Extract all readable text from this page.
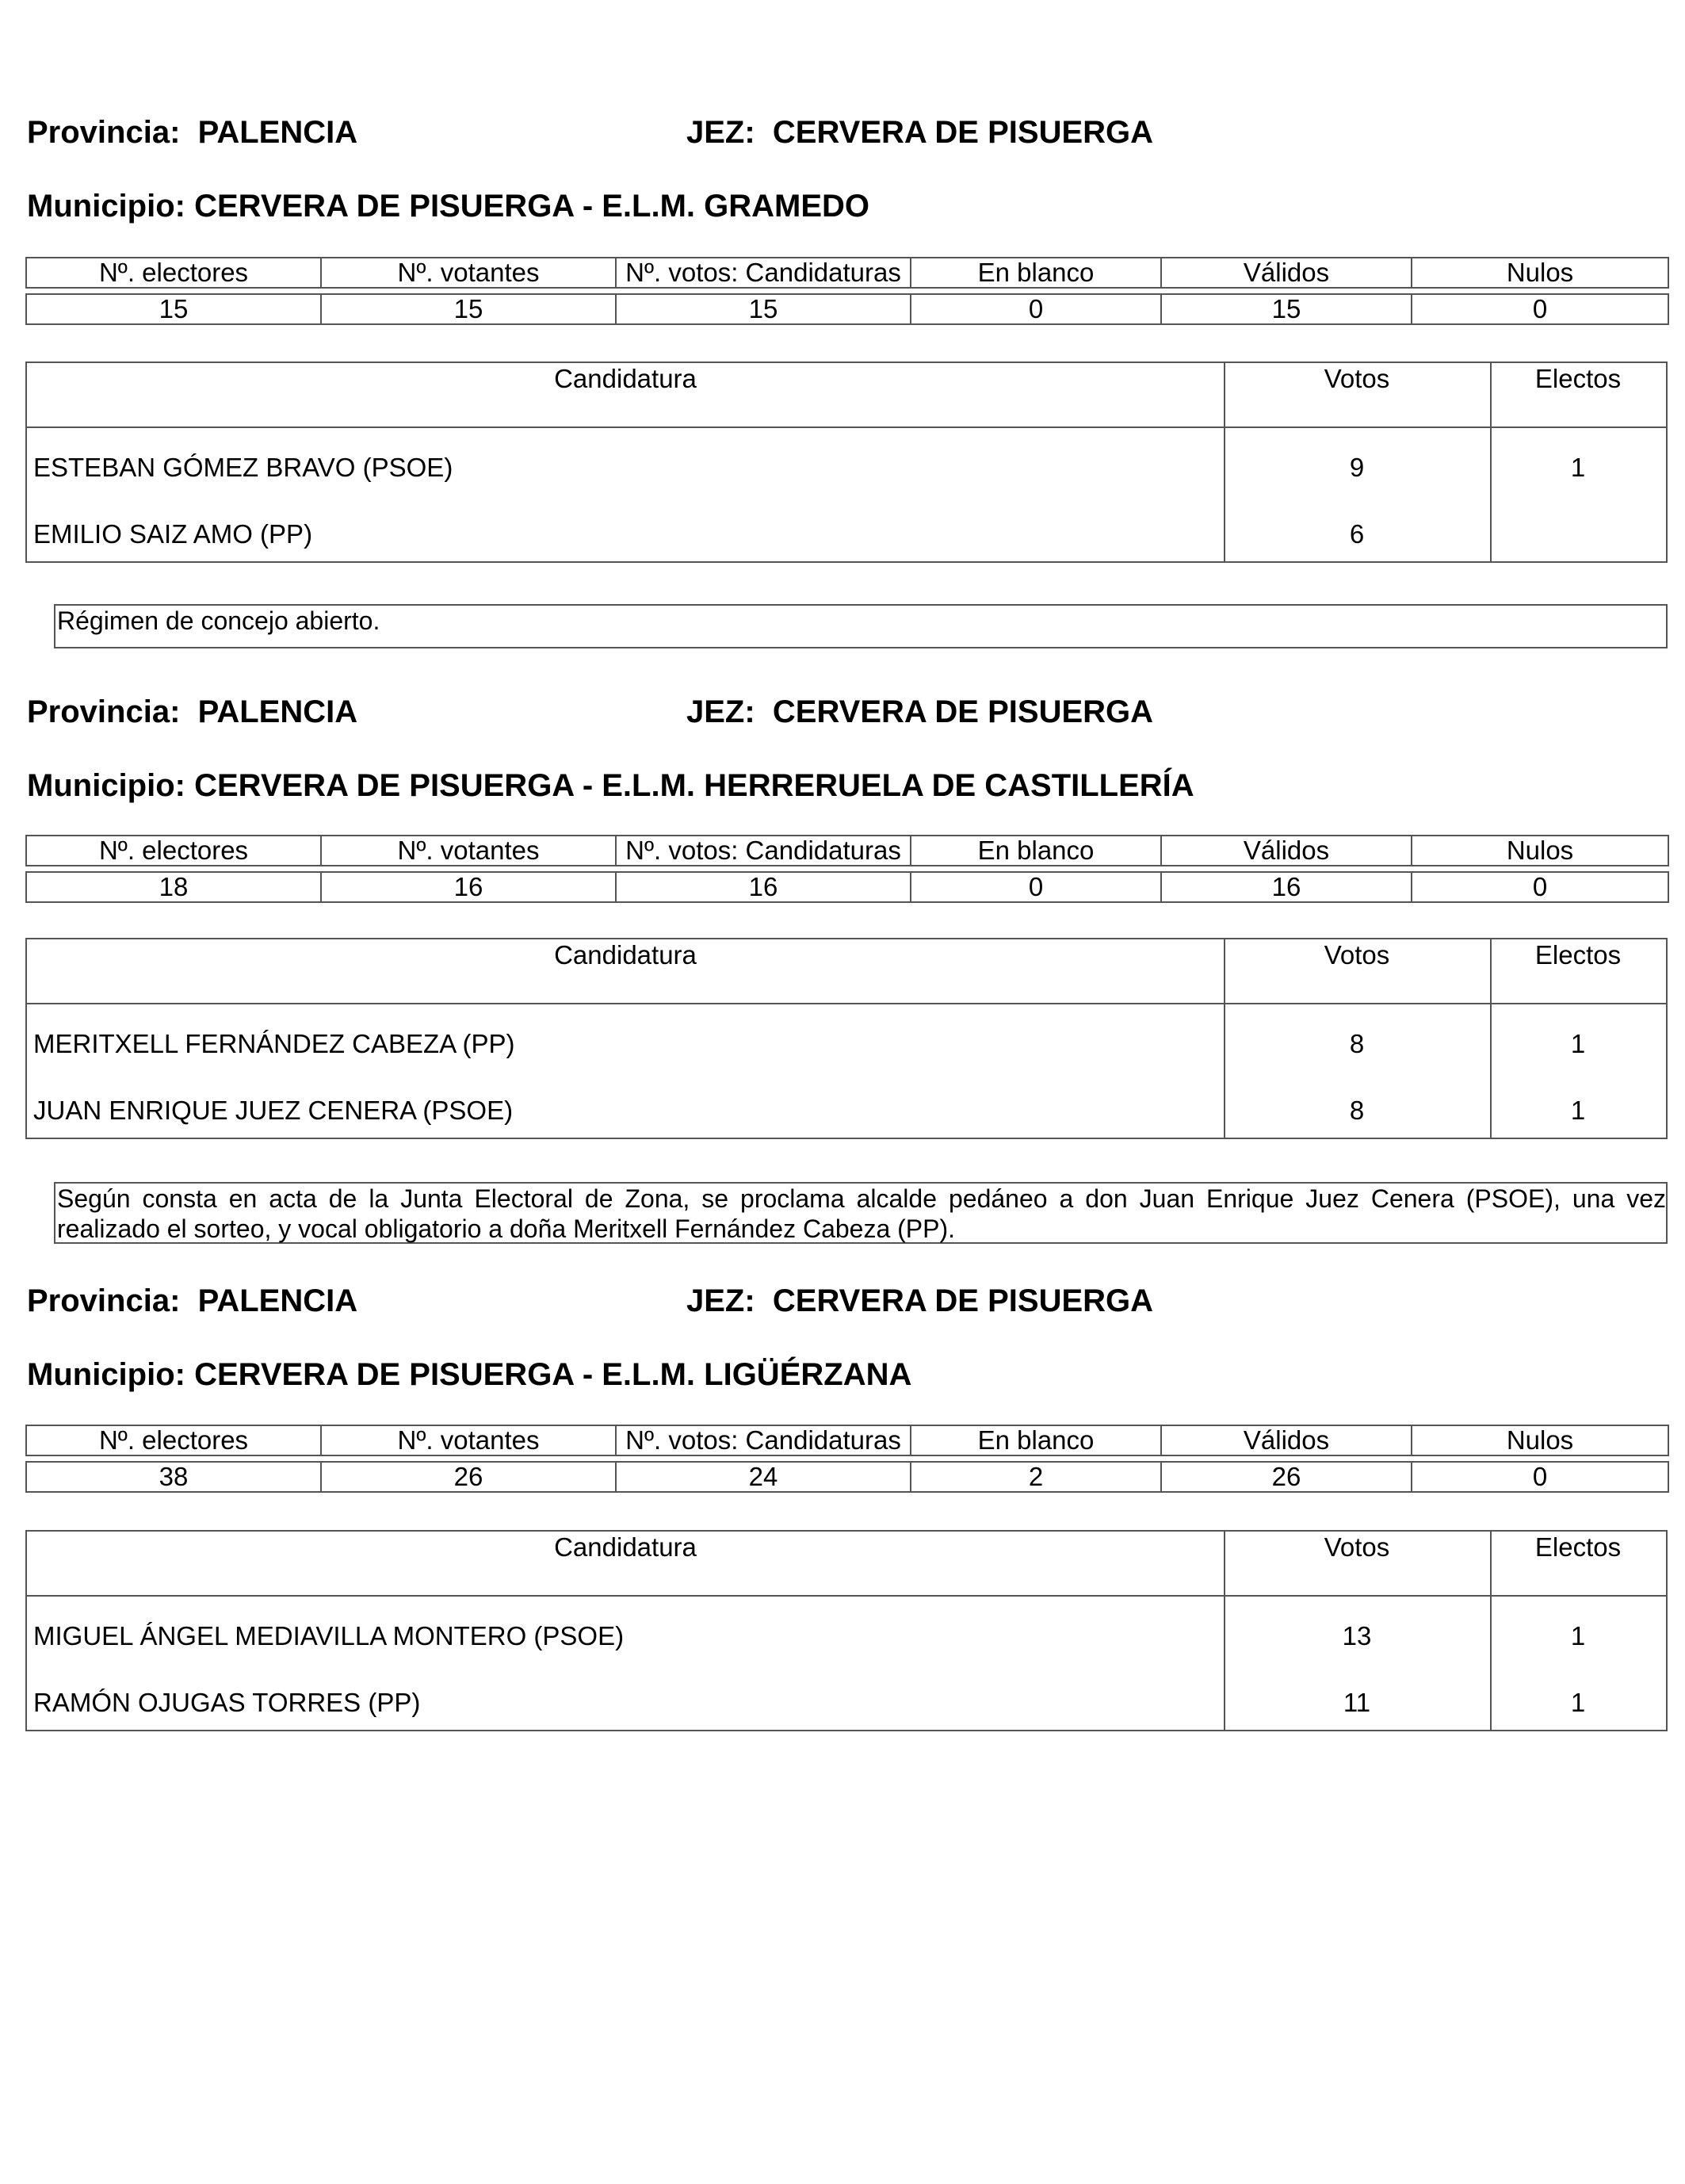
Provincia: PALENCIA	JEZ: CERVERA DE PISUERGA
Municipio: CERVERA DE PISUERGA - E.L.M. GRAMEDO
Nº. electores	Nº. votantes	Nº. votos: Candidaturas	En blanco	Válidos	Nulos

15	15	15	0	15	0
Candidatura	Votos	Electos
ESTEBAN GÓMEZ BRAVO (PSOE)	9	1
EMILIO SAIZ AMO (PP)	6
Régimen de concejo abierto.
Provincia: PALENCIA	JEZ: CERVERA DE PISUERGA
Municipio: CERVERA DE PISUERGA - E.L.M. HERRERUELA DE CASTILLERÍA
Nº. electores	Nº. votantes	Nº. votos: Candidaturas	En blanco	Válidos	Nulos

18	16	16	0	16	0
Candidatura	Votos	Electos
MERITXELL FERNÁNDEZ CABEZA (PP)	8	1
JUAN ENRIQUE JUEZ CENERA (PSOE)	8	1
Según consta en acta de la Junta Electoral de Zona, se proclama alcalde pedáneo a don Juan Enrique Juez Cenera (PSOE), una vez realizado el sorteo, y vocal obligatorio a doña Meritxell Fernández Cabeza (PP).
Provincia: PALENCIA	JEZ: CERVERA DE PISUERGA
Municipio: CERVERA DE PISUERGA - E.L.M. LIGÜÉRZANA
Nº. electores	Nº. votantes	Nº. votos: Candidaturas	En blanco	Válidos	Nulos

38	26	24	2	26	0
Candidatura	Votos	Electos
MIGUEL ÁNGEL MEDIAVILLA MONTERO (PSOE)	13	1
RAMÓN OJUGAS TORRES (PP)	11	1
